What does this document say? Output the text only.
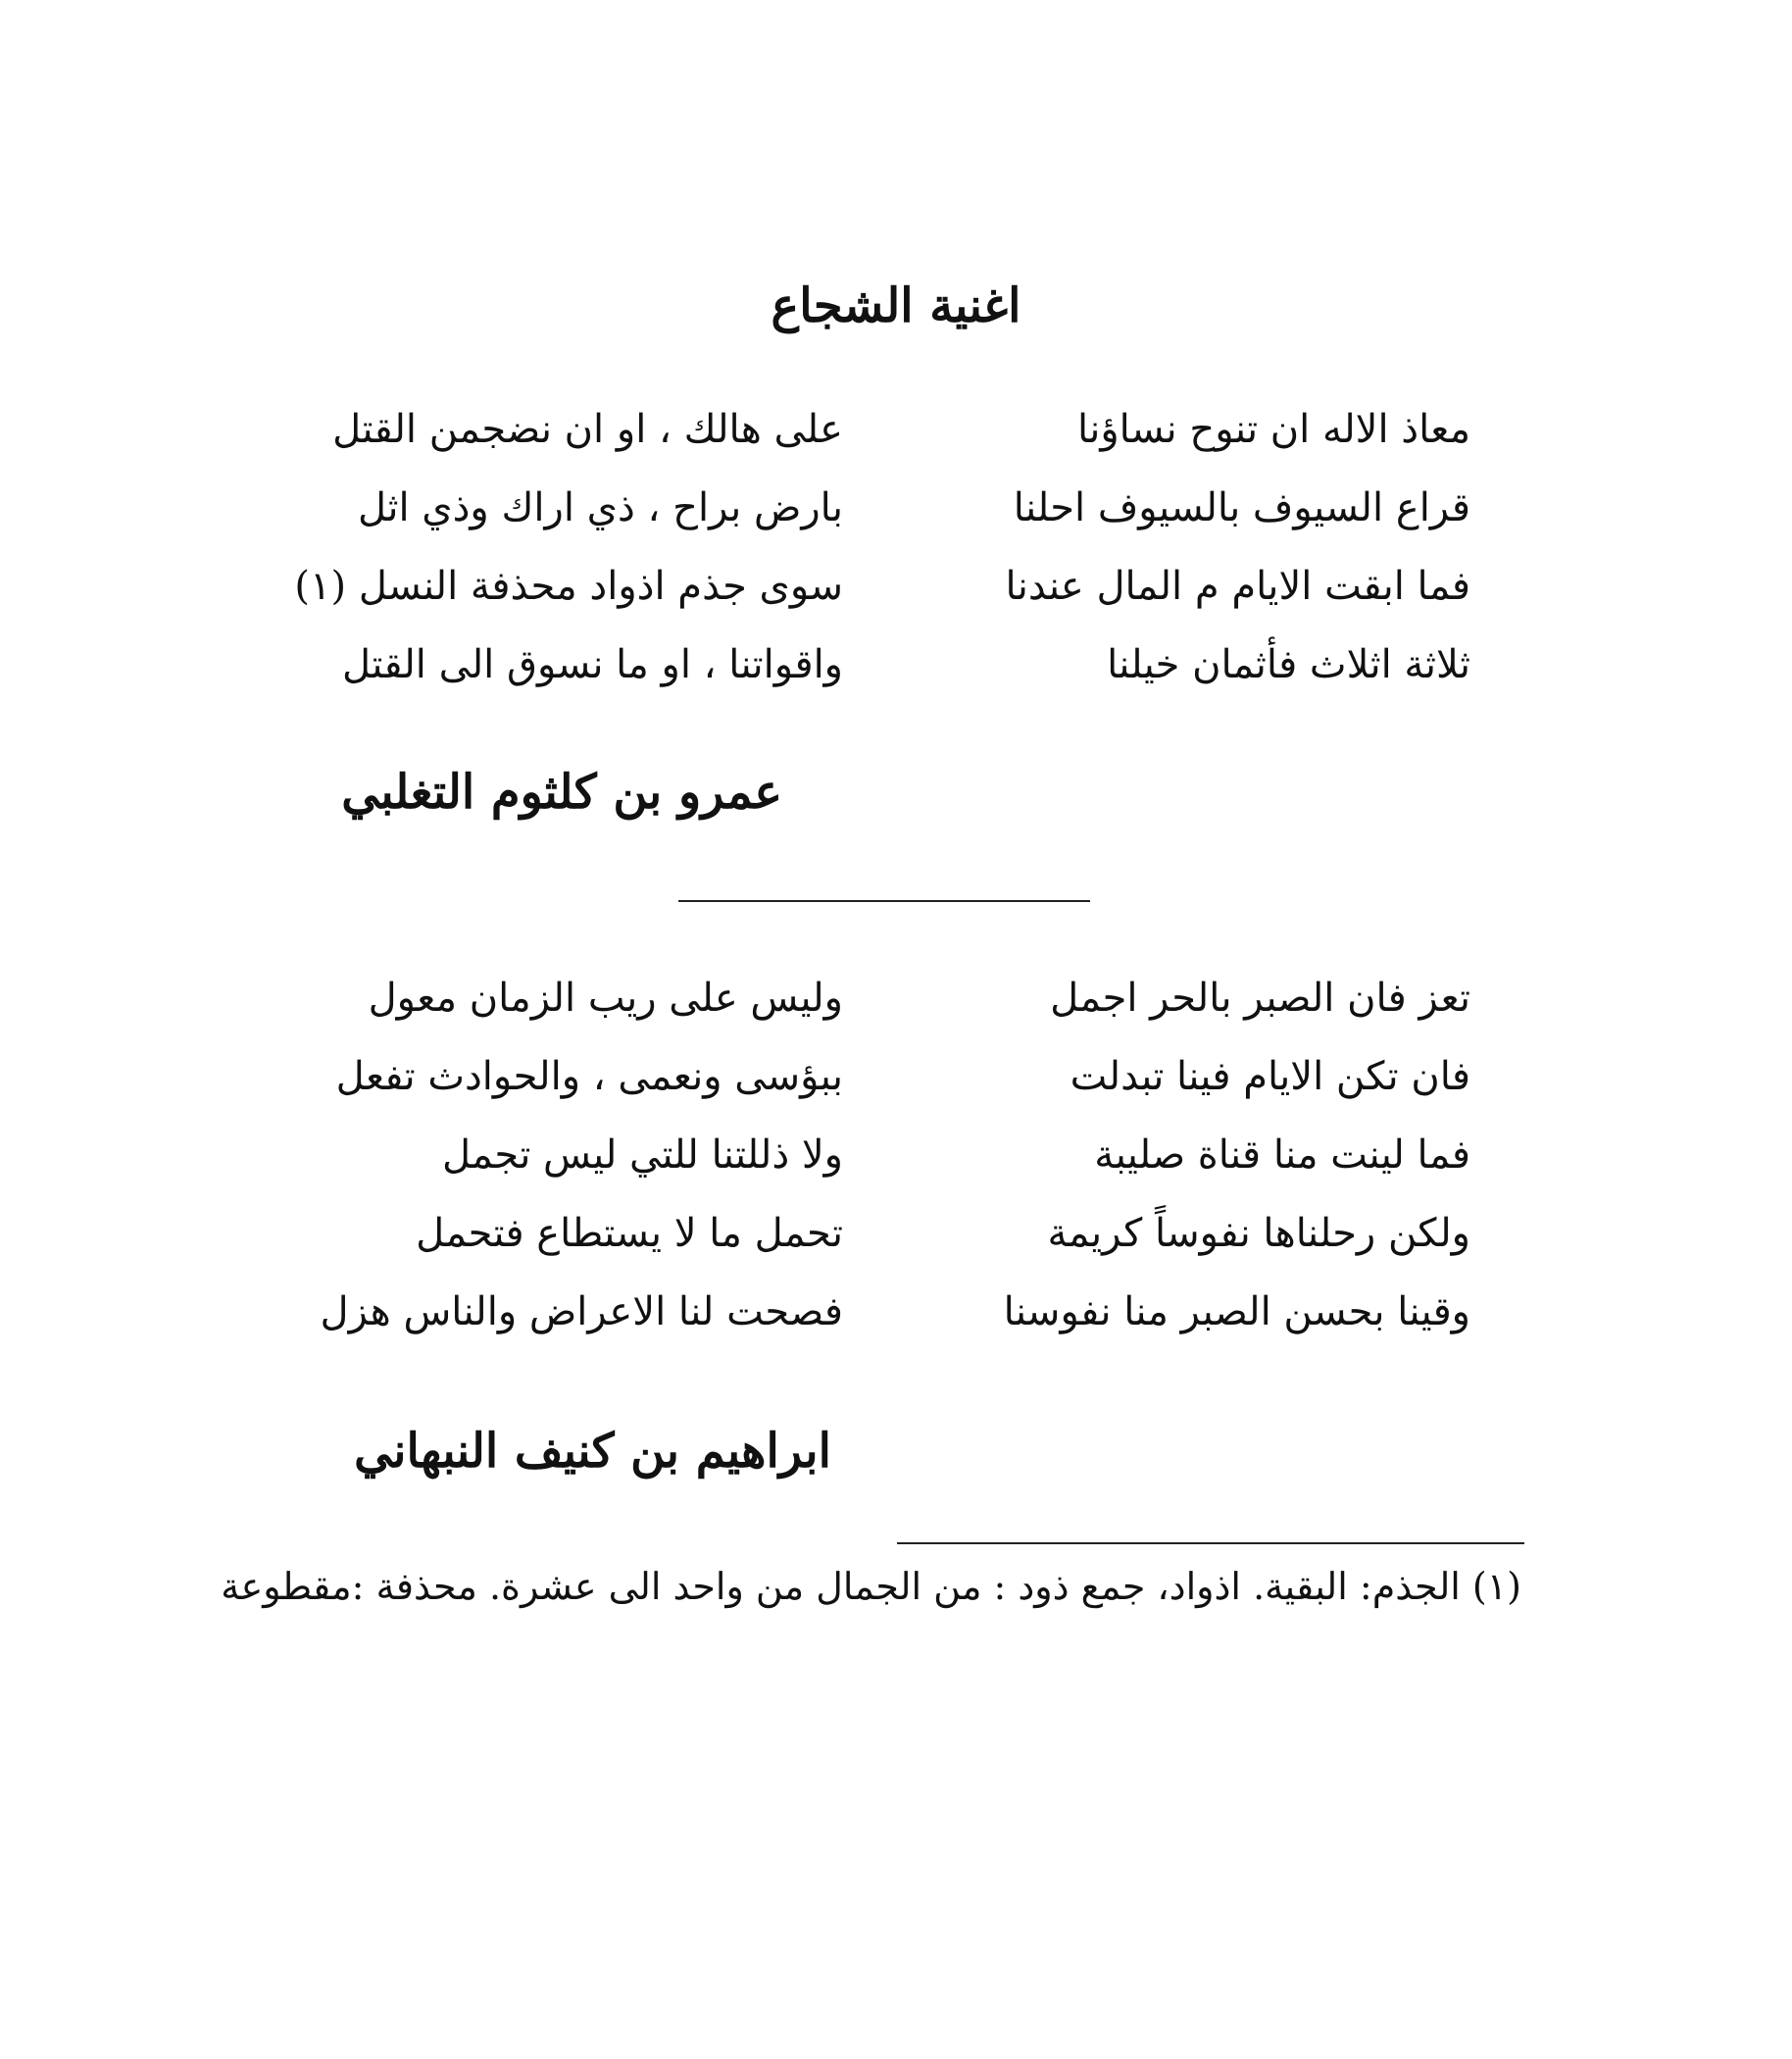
اغنية الشجاع
معاذ الاله ان تنوح نساؤنا
على هالك ، او ان نضجمن القتل
قراع السيوف بالسيوف احلنا
بارض براح ، ذي اراك وذي اثل
فما ابقت الايام م المال عندنا
سوى جذم اذواد محذفة النسل (١)
ثلاثة اثلاث فأثمان خيلنا
واقواتنا ، او ما نسوق الى القتل
عمرو بن كلثوم التغلبي
تعز فان الصبر بالحر اجمل
وليس على ريب الزمان معول
فان تكن الايام فينا تبدلت
ببؤسى ونعمى ، والحوادث تفعل
فما لينت منا قناة صليبة
ولا ذللتنا للتي ليس تجمل
ولكن رحلناها نفوساً كريمة
تحمل ما لا يستطاع فتحمل
وقينا بحسن الصبر منا نفوسنا
فصحت لنا الاعراض والناس هزل
ابراهيم بن كنيف النبهاني
(١) الجذم: البقية. اذواد، جمع ذود : من الجمال من واحد الى عشرة. محذفة :مقطوعة
